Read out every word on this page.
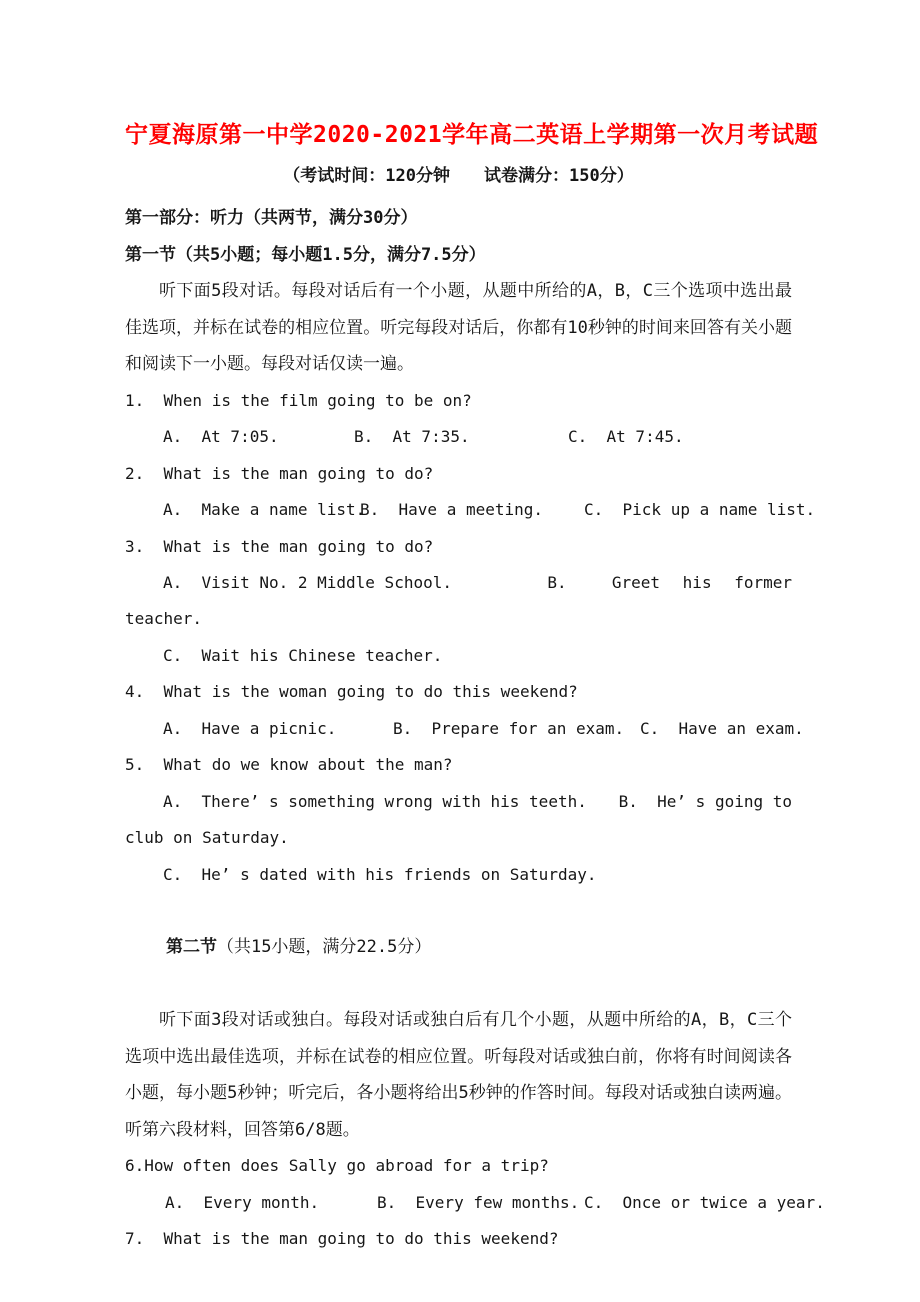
宁夏海原第一中学2020-2021学年高二英语上学期第一次月考试题
（考试时间：120分钟　　试卷满分：150分）
第一部分：听力（共两节，满分30分）
第一节（共5小题；每小题1.5分，满分7.5分）
听下面5段对话。每段对话后有一个小题，从题中所给的A，B，C三个选项中选出最佳选项，并标在试卷的相应位置。听完每段对话后，你都有10秒钟的时间来回答有关小题和阅读下一小题。每段对话仅读一遍。
1.  When is the film going to be on?
A.  At 7:05.	B.  At 7:35.	C.  At 7:45.
2.  What is the man going to do?
A.  Make a name list.
B.  Have a meeting.	C.  Pick up a name list.
3.  What is the man going to do?
A.  Visit No. 2 Middle School.	B.  Greet his former
teacher.
C.  Wait his Chinese teacher.
4.  What is the woman going to do this weekend?
A.  Have a picnic.	B.  Prepare for an exam. C.  Have an exam.
5.  What do we know about the man?
A.  There’ s something wrong with his teeth. B.  He’ s going to
club on Saturday.
C.  He’ s dated with his friends on Saturday.

第二节（共15小题，满分22.5分）

听下面3段对话或独白。每段对话或独白后有几个小题，从题中所给的A，B，C三个选项中选出最佳选项，并标在试卷的相应位置。听每段对话或独白前，你将有时间阅读各小题，每小题5秒钟；听完后，各小题将给出5秒钟的作答时间。每段对话或独白读两遍。听第六段材料，回答第6/8题。
6.How often does Sally go abroad for a trip?
A.  Every month.	B.  Every few months. C.  Once or twice a year.
7.  What is the man going to do this weekend?
